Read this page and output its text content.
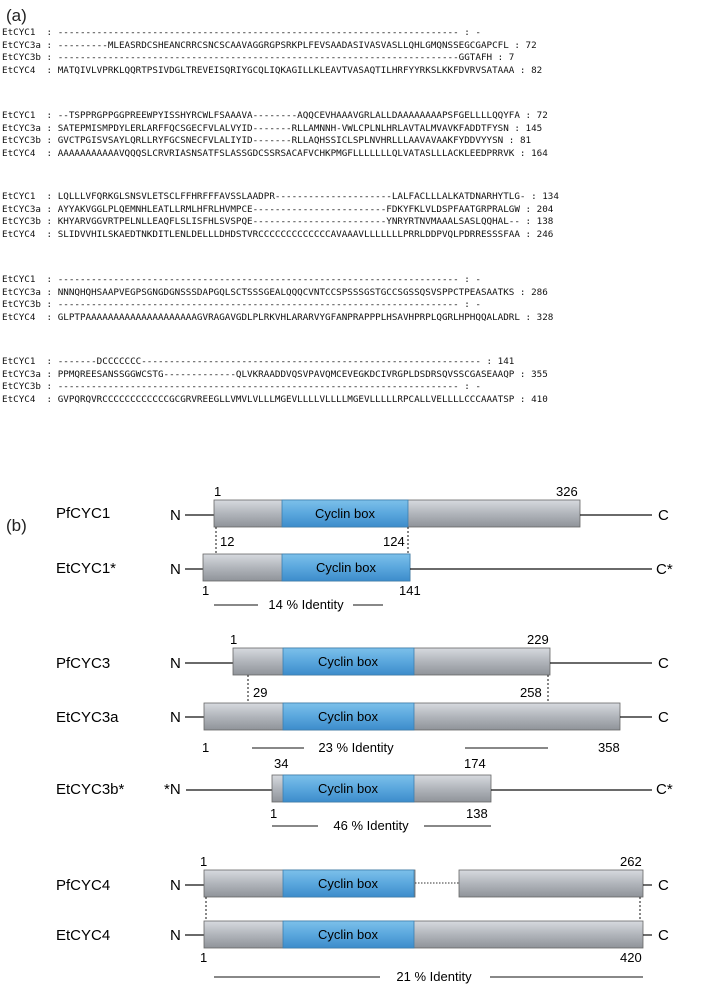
(a)
EtCYC1  : ------------------------------------------------------------------------ : -
EtCYC3a : ---------MLEASRDCSHEANCRRCSNCSCAAVAGGRGPSRKPLFEVSAADASIVASVASLLQHLGMQNSSEGCGAPCFL : 72
EtCYC3b : ------------------------------------------------------------------------GGTAFH : 7
EtCYC4  : MATQIVLVPRKLQQRTPSIVDGLTREVEISQRIYGCQLIQKAGILLKLEAVTVASAQTILHRFYYRKSLKKFDVRVSATAAA : 82
EtCYC1  : --TSPPRGPPGGPREEWPYISSHYRCWLFSAAAVA--------AQQCEVHAAAVGRLALLDAAAAAAAAPSFGELLLLQQYFA : 72
EtCYC3a : SATEPMISMPDYLERLARFFQCSGECFVLALVYID-------RLLAMNNH-VWLCPLNLHRLAVTALMVAVKFADDTFYSN : 145
EtCYC3b : GVCTPGISVSAYLQRLLRYFGCSNECFVLALIYID-------RLLAQHSSICLSPLNVHRLLLAAVAVAAKFYDDVYYSN : 81
EtCYC4  : AAAAAAAAAAAVQQQSLCRVRIASNSATFSLASSGDCSSRSACAFVCHKPMGFLLLLLLLQLVATASLLLACKLEEDPRRVK : 164
EtCYC1  : LQLLLVFQRKGLSNSVLETSCLFFHRFFFAVSSLAADPR---------------------LALFACLLLALKATDNARHYTLG- : 134
EtCYC3a : AYYAKVGGLPLQEMNHLEATLLRMLHFRLHVMPCE------------------------FDKYFKLVLDSPFAATGRPRALGW : 204
EtCYC3b : KHYARVGGVRTPELNLLEAQFLSLISFHLSVSPQE------------------------YNRYRTNVMAAALSASLQQHAL-- : 138
EtCYC4  : SLIDVVHILSKAEDTNKDITLENLDELLLDHDSTVRCCCCCCCCCCCCCAVAAAVLLLLLLLPRRLDDPVQLPDRRESSSFAA : 246
EtCYC1  : ------------------------------------------------------------------------ : -
EtCYC3a : NNNQHQHSAAPVEGPSGNGDGNSSSDAPGQLSCTSSSGEALQQQCVNTCCSPSSSGSTGCCSGSSQSVSPPCTPEASAATKS : 286
EtCYC3b : ------------------------------------------------------------------------ : -
EtCYC4  : GLPTPAAAAAAAAAAAAAAAAAAAAGVRAGAVGDLPLRKVHLARARVYGFANPRAPPPLHSAVHPRPLQGRLHPHQQALADRL : 328
EtCYC1  : -------DCCCCCCC------------------------------------------------------------- : 141
EtCYC3a : PPMQREESANSSGGWCSTG-------------QLVKRAADDVQSVPAVQMCEVEGKDCIVRGPLDSDRSQVSSCGASEAAQP : 355
EtCYC3b : ------------------------------------------------------------------------ : -
EtCYC4  : GVPQRQVRCCCCCCCCCCCCGCGRVREEGLLVMVLVLLLMGEVLLLLVLLLLMGEVLLLLLRPCALLVELLLLCCCAAATSP : 410
(b)
PfCYC1	N	Cyclin box	C
1	326
12	124
EtCYC1*	N	Cyclin box	C*
1	141
14 % Identity
PfCYC3	N	Cyclin box	C
1	229
29	258
EtCYC3a	N	Cyclin box	C
1	23 % Identity	358
34	174
EtCYC3b*	*N	Cyclin box	C*
1	138
46 % Identity
PfCYC4	N	Cyclin box	C
1	262
EtCYC4	N	Cyclin box	C
1	420
21 % Identity
